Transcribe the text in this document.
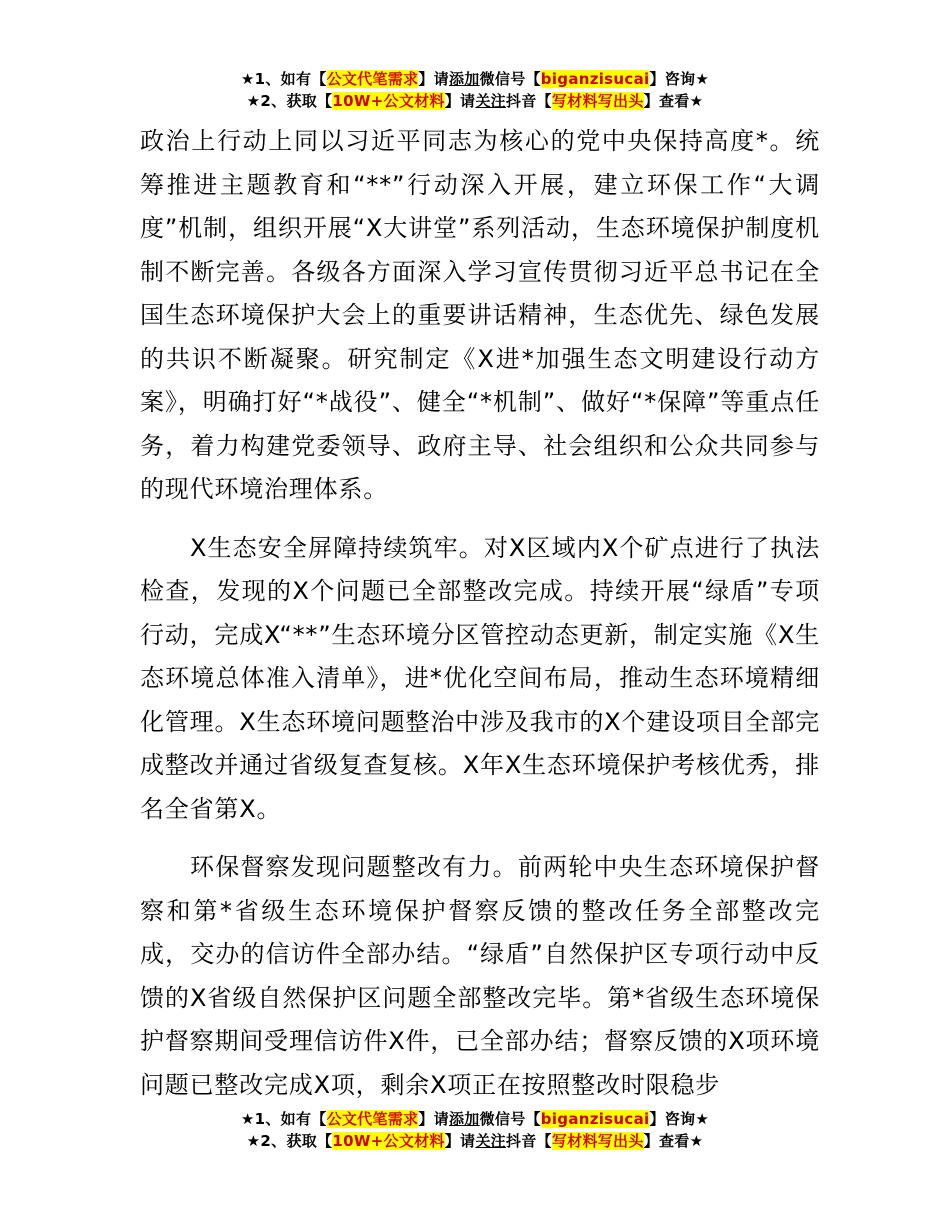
★1、如有【公文代笔需求】请添加微信号【biganzisucai】咨询★
★2、获取【10W+公文材料】请关注抖音【写材料写出头】查看★

政治上行动上同以习近平同志为核心的党中央保持高度*。统筹推进主题教育和“**”行动深入开展，建立环保工作“大调度”机制，组织开展“X大讲堂”系列活动，生态环境保护制度机制不断完善。各级各方面深入学习宣传贯彻习近平总书记在全国生态环境保护大会上的重要讲话精神，生态优先、绿色发展的共识不断凝聚。研究制定《X进*加强生态文明建设行动方案》，明确打好“*战役”、健全“*机制”、做好“*保障”等重点任务，着力构建党委领导、政府主导、社会组织和公众共同参与的现代环境治理体系。

X生态安全屏障持续筑牢。对X区域内X个矿点进行了执法检查，发现的X个问题已全部整改完成。持续开展“绿盾”专项行动，完成X“**”生态环境分区管控动态更新，制定实施《X生态环境总体准入清单》，进*优化空间布局，推动生态环境精细化管理。X生态环境问题整治中涉及我市的X个建设项目全部完成整改并通过省级复查复核。X年X生态环境保护考核优秀，排名全省第X。

环保督察发现问题整改有力。前两轮中央生态环境保护督察和第*省级生态环境保护督察反馈的整改任务全部整改完成，交办的信访件全部办结。“绿盾”自然保护区专项行动中反馈的X省级自然保护区问题全部整改完毕。第*省级生态环境保护督察期间受理信访件X件，已全部办结；督察反馈的X项环境问题已整改完成X项，剩余X项正在按照整改时限稳步

★1、如有【公文代笔需求】请添加微信号【biganzisucai】咨询★
★2、获取【10W+公文材料】请关注抖音【写材料写出头】查看★
